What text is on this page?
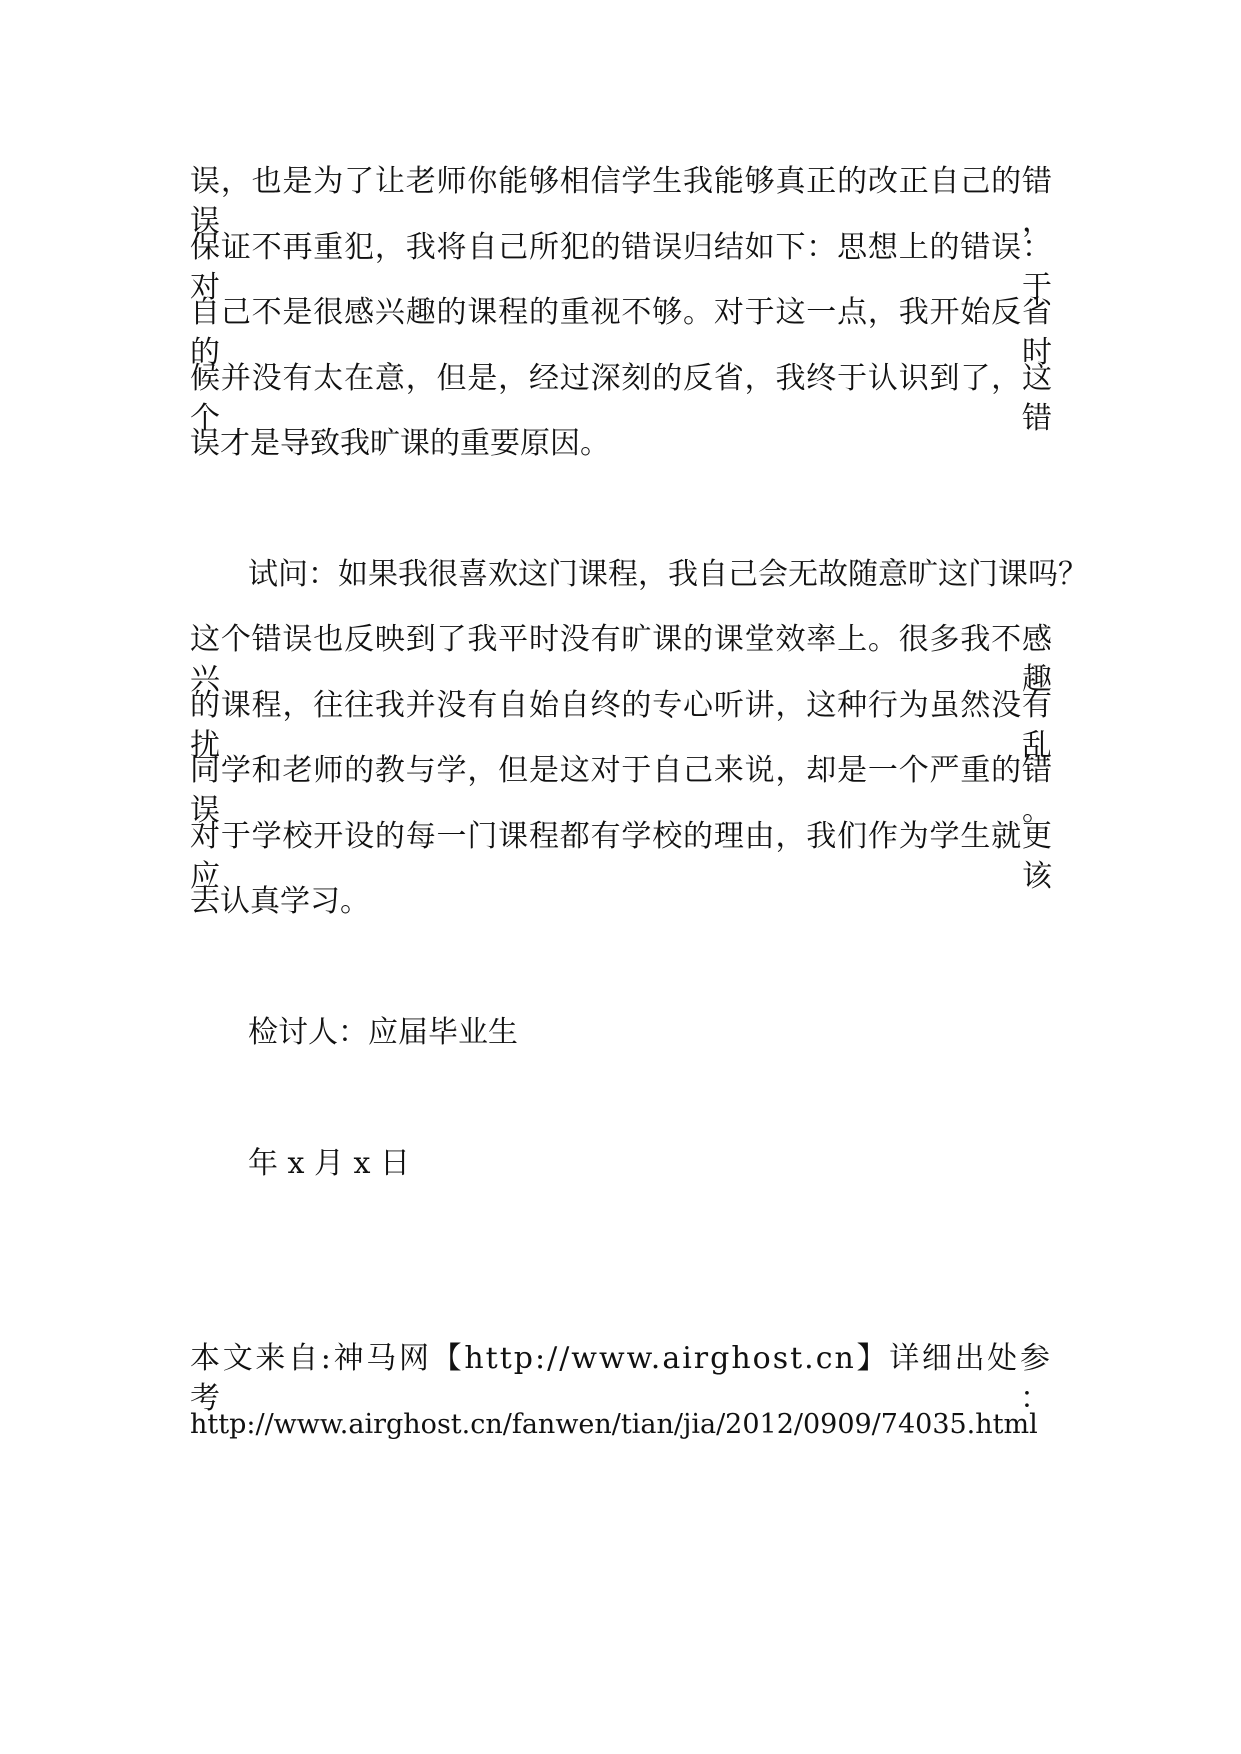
误，也是为了让老师你能够相信学生我能够真正的改正自己的错误，

保证不再重犯，我将自己所犯的错误归结如下：思想上的错误：对于

自己不是很感兴趣的课程的重视不够。对于这一点，我开始反省的时

候并没有太在意，但是，经过深刻的反省，我终于认识到了，这个错

误才是导致我旷课的重要原因。

试问：如果我很喜欢这门课程，我自己会无故随意旷这门课吗？

这个错误也反映到了我平时没有旷课的课堂效率上。很多我不感兴趣

的课程，往往我并没有自始自终的专心听讲，这种行为虽然没有扰乱

同学和老师的教与学，但是这对于自己来说，却是一个严重的错误。

对于学校开设的每一门课程都有学校的理由，我们作为学生就更应该

去认真学习。

检讨人：应届毕业生

年 x 月 x 日

本文来自:神马网【http://www.airghost.cn】详细出处参考：

http://www.airghost.cn/fanwen/tian/jia/2012/0909/74035.html
